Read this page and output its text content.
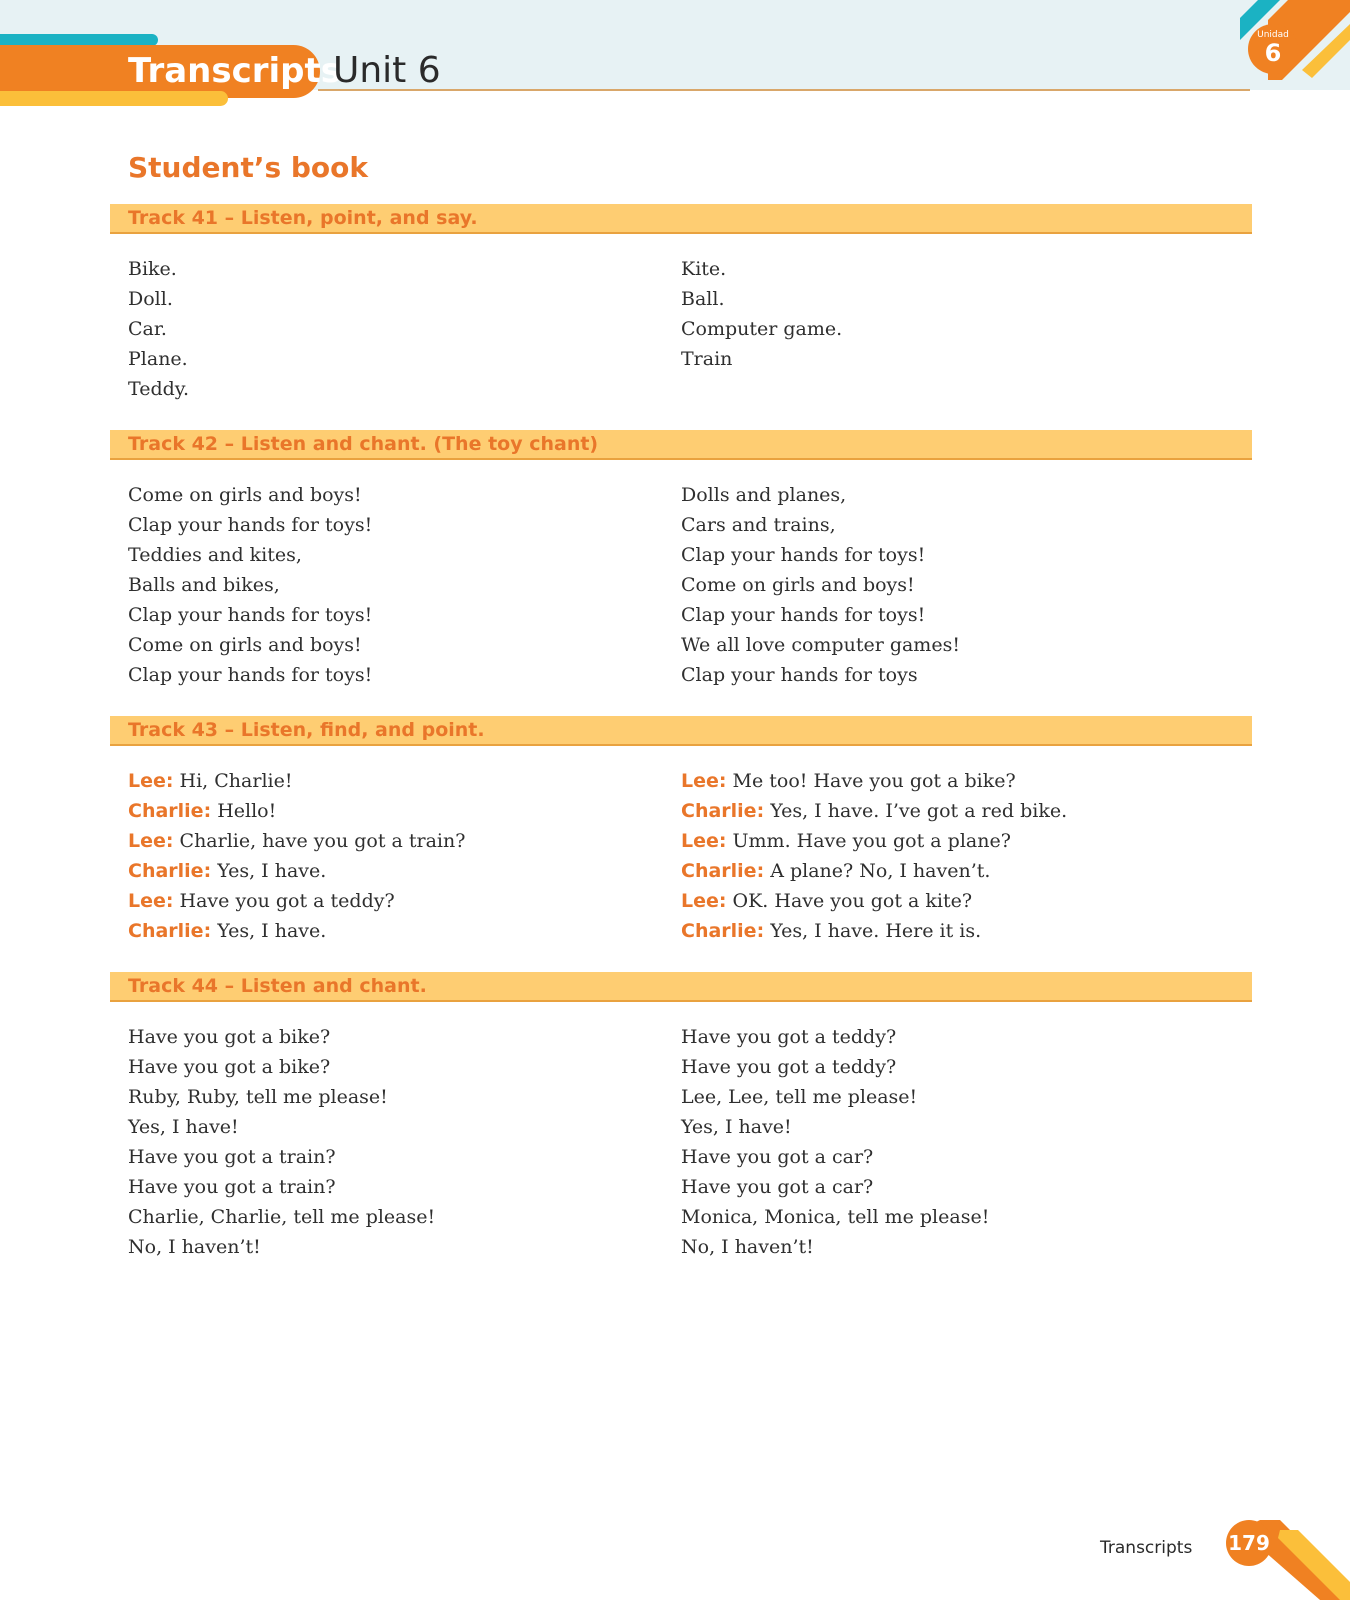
Transcripts
Unit 6
Unidad
6
Student’s book
Track 41 – Listen, point, and say.
Bike.
Doll.
Car.
Plane.
Teddy.
Kite.
Ball.
Computer game.
Train
Track 42 – Listen and chant. (The toy chant)
Come on girls and boys!
Clap your hands for toys!
Teddies and kites,
Balls and bikes,
Clap your hands for toys!
Come on girls and boys!
Clap your hands for toys!
Dolls and planes,
Cars and trains,
Clap your hands for toys!
Come on girls and boys!
Clap your hands for toys!
We all love computer games!
Clap your hands for toys
Track 43 – Listen, find, and point.
Lee: Hi, Charlie!
Charlie: Hello!
Lee: Charlie, have you got a train?
Charlie: Yes, I have.
Lee: Have you got a teddy?
Charlie: Yes, I have.
Lee: Me too! Have you got a bike?
Charlie: Yes, I have. I’ve got a red bike.
Lee: Umm. Have you got a plane?
Charlie: A plane? No, I haven’t.
Lee: OK. Have you got a kite?
Charlie: Yes, I have. Here it is.
Track 44 – Listen and chant.
Have you got a bike?
Have you got a bike?
Ruby, Ruby, tell me please!
Yes, I have!
Have you got a train?
Have you got a train?
Charlie, Charlie, tell me please!
No, I haven’t!
Have you got a teddy?
Have you got a teddy?
Lee, Lee, tell me please!
Yes, I have!
Have you got a car?
Have you got a car?
Monica, Monica, tell me please!
No, I haven’t!
Transcripts 179
